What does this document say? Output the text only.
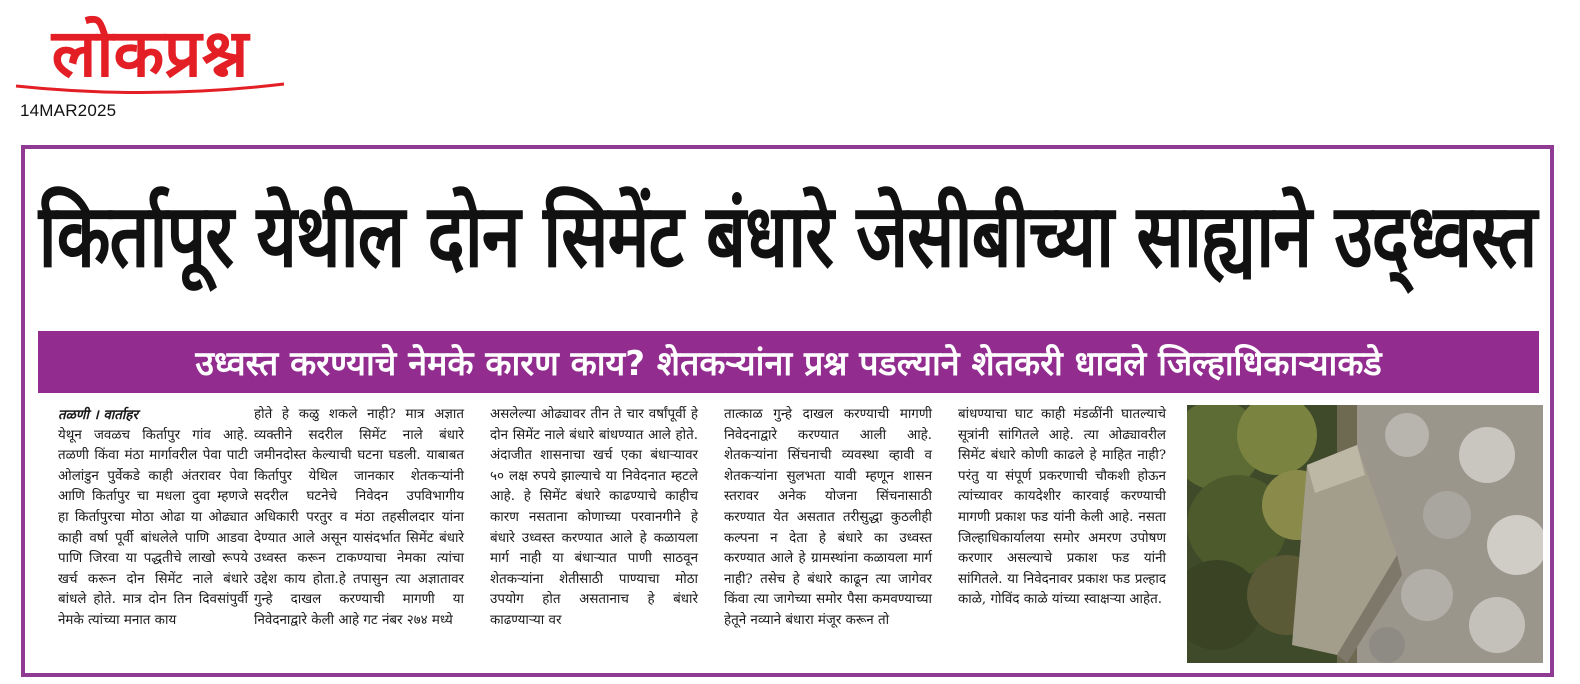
लोकप्रश्न
14MAR2025
किर्तापूर येथील दोन सिमेंट बंधारे जेसीबीच्या साह्याने उद्ध्वस्त
उध्वस्त करण्याचे नेमके कारण काय? शेतकऱ्यांना प्रश्न पडल्याने शेतकरी धावले जिल्हाधिकाऱ्याकडे

तळणी । वार्ताहर

येथून जवळच किर्तापुर गांव आहे. तळणी किंवा मंठा मार्गावरील पेवा पाटी ओलांडुन पुर्वेकडे काही अंतरावर पेवा आणि किर्तापुर चा मधला दुवा म्हणजे हा किर्तापुरचा मोठा ओढा या ओढ्यात काही वर्षा पूर्वी बांधलेले पाणि आडवा पाणि जिरवा या पद्धतीचे लाखो रूपये खर्च करून दोन सिमेंट नाले बंधारे बांधले होते. मात्र दोन तिन दिवसांपुर्वी नेमके त्यांच्या मनात काय

होते हे कळु शकले नाही? मात्र अज्ञात व्यक्तीने सदरील सिमेंट नाले बंधारे जमीनदोस्त केल्याची घटना घडली. याबाबत किर्तापुर येथिल जानकार शेतकऱ्यांनी सदरील घटनेचे निवेदन उपविभागीय अधिकारी परतुर व मंठा तहसीलदार यांना देण्यात आले असून यासंदर्भात सिमेंट बंधारे उध्वस्त करून टाकण्याचा नेमका त्यांचा उद्देश काय होता.हे तपासुन त्या अज्ञातावर गुन्हे दाखल करण्याची मागणी या निवेदनाद्वारे केली आहे गट नंबर २७४ मध्ये

असलेल्या ओढ्यावर तीन ते चार वर्षांपूर्वी हे दोन सिमेंट नाले बंधारे बांधण्यात आले होते. अंदाजीत शासनाचा खर्च एका बंधाऱ्यावर ५० लक्ष रुपये झाल्याचे या निवेदनात म्हटले आहे. हे सिमेंट बंधारे काढण्याचे काहीच कारण नसताना कोणाच्या परवानगीने हे बंधारे उध्वस्त करण्यात आले हे कळायला मार्ग नाही या बंधाऱ्यात पाणी साठवून शेतकऱ्यांना शेतीसाठी पाण्याचा मोठा उपयोग होत असतानाच हे बंधारे काढण्याऱ्या वर

तात्काळ गुन्हे दाखल करण्याची मागणी निवेदनाद्वारे करण्यात आली आहे. शेतकऱ्यांना सिंचनाची व्यवस्था व्हावी व शेतकऱ्यांना सुलभता यावी म्हणून शासन स्तरावर अनेक योजना सिंचनासाठी करण्यात येत असतात तरीसुद्धा कुठलीही कल्पना न देता हे बंधारे का उध्वस्त करण्यात आले हे ग्रामस्थांना कळायला मार्ग नाही? तसेच हे बंधारे काढून त्या जागेवर किंवा त्या जागेच्या समोर पैसा कमवण्याच्या हेतूने नव्याने बंधारा मंजूर करून तो

बांधण्याचा घाट काही मंडळींनी घातल्याचे सूत्रांनी सांगितले आहे. त्या ओढ्यावरील सिमेंट बंधारे कोणी काढले हे माहित नाही? परंतु या संपूर्ण प्रकरणाची चौकशी होऊन त्यांच्यावर कायदेशीर कारवाई करण्याची मागणी प्रकाश फड यांनी केली आहे. नसता जिल्हाधिकार्यालया समोर अमरण उपोषण करणार असल्याचे प्रकाश फड यांनी सांगितले. या निवेदनावर प्रकाश फड प्रल्हाद काळे, गोविंद काळे यांच्या स्वाक्षऱ्या आहेत.
